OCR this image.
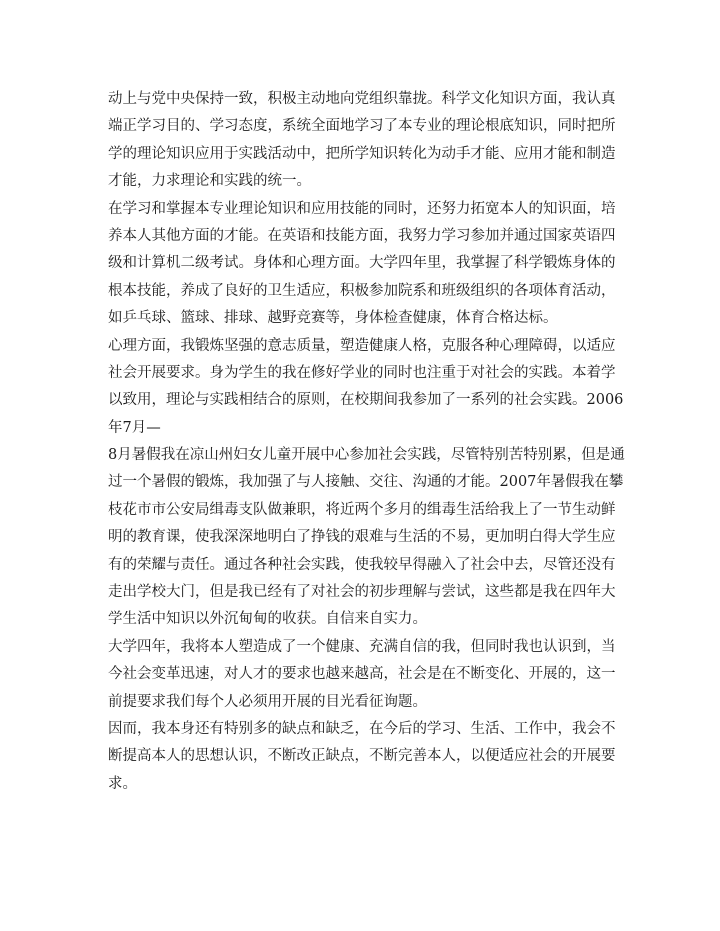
动上与党中央保持一致，积极主动地向党组织靠拢。科学文化知识方面，我认真
端正学习目的、学习态度，系统全面地学习了本专业的理论根底知识，同时把所
学的理论知识应用于实践活动中，把所学知识转化为动手才能、应用才能和制造
才能，力求理论和实践的统一。
在学习和掌握本专业理论知识和应用技能的同时，还努力拓宽本人的知识面，培
养本人其他方面的才能。在英语和技能方面，我努力学习参加并通过国家英语四
级和计算机二级考试。身体和心理方面。大学四年里，我掌握了科学锻炼身体的
根本技能，养成了良好的卫生适应，积极参加院系和班级组织的各项体育活动，
如乒乓球、篮球、排球、越野竞赛等，身体检查健康，体育合格达标。
心理方面，我锻炼坚强的意志质量，塑造健康人格，克服各种心理障碍，以适应
社会开展要求。身为学生的我在修好学业的同时也注重于对社会的实践。本着学
以致用，理论与实践相结合的原则，在校期间我参加了一系列的社会实践。2006
年7月—
8月暑假我在凉山州妇女儿童开展中心参加社会实践，尽管特别苦特别累，但是通
过一个暑假的锻炼，我加强了与人接触、交往、沟通的才能。2007年暑假我在攀
枝花市市公安局缉毒支队做兼职，将近两个多月的缉毒生活给我上了一节生动鲜
明的教育课，使我深深地明白了挣钱的艰难与生活的不易，更加明白得大学生应
有的荣耀与责任。通过各种社会实践，使我较早得融入了社会中去，尽管还没有
走出学校大门，但是我已经有了对社会的初步理解与尝试，这些都是我在四年大
学生活中知识以外沉甸甸的收获。自信来自实力。
大学四年，我将本人塑造成了一个健康、充满自信的我，但同时我也认识到，当
今社会变革迅速，对人才的要求也越来越高，社会是在不断变化、开展的，这一
前提要求我们每个人必须用开展的目光看征询题。
因而，我本身还有特别多的缺点和缺乏，在今后的学习、生活、工作中，我会不
断提高本人的思想认识，不断改正缺点，不断完善本人，以便适应社会的开展要
求。
